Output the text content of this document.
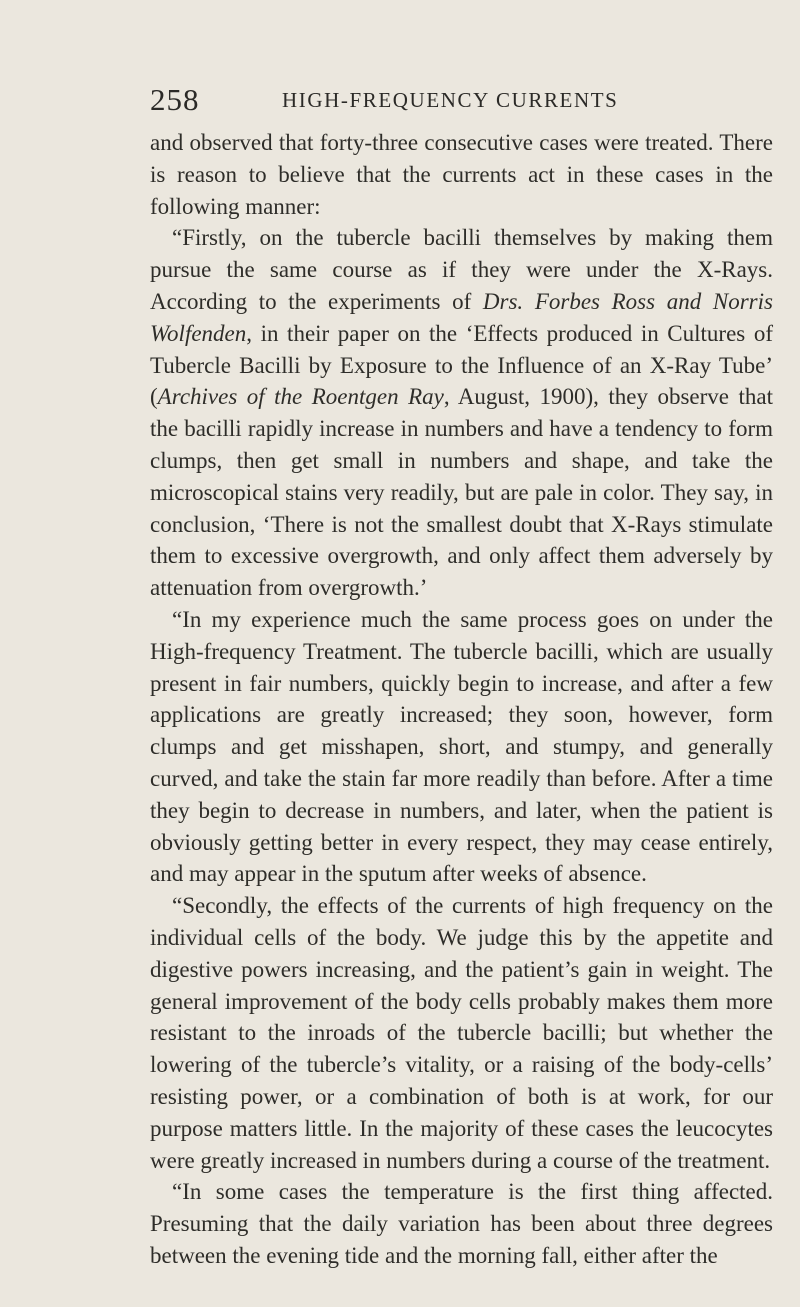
258	HIGH-FREQUENCY CURRENTS

and observed that forty-three consecutive cases were treated. There is reason to believe that the currents act in these cases in the following manner:

“Firstly, on the tubercle bacilli themselves by making them pursue the same course as if they were under the X-Rays. According to the experiments of Drs. Forbes Ross and Norris Wolfenden, in their paper on the ‘Effects produced in Cultures of Tubercle Bacilli by Exposure to the Influence of an X-Ray Tube’ (Archives of the Roentgen Ray, August, 1900), they observe that the bacilli rapidly increase in numbers and have a tendency to form clumps, then get small in numbers and shape, and take the microscopical stains very readily, but are pale in color. They say, in conclusion, ‘There is not the smallest doubt that X-Rays stimulate them to excessive overgrowth, and only affect them adversely by attenuation from overgrowth.’

“In my experience much the same process goes on under the High-frequency Treatment. The tubercle bacilli, which are usually present in fair numbers, quickly begin to increase, and after a few applications are greatly increased; they soon, however, form clumps and get misshapen, short, and stumpy, and generally curved, and take the stain far more readily than before. After a time they begin to decrease in numbers, and later, when the patient is obviously getting better in every respect, they may cease entirely, and may appear in the sputum after weeks of absence.

“Secondly, the effects of the currents of high frequency on the individual cells of the body. We judge this by the appetite and digestive powers increasing, and the patient’s gain in weight. The general improvement of the body cells probably makes them more resistant to the inroads of the tubercle bacilli; but whether the lowering of the tubercle’s vitality, or a raising of the body-cells’ resisting power, or a combination of both is at work, for our purpose matters little. In the majority of these cases the leucocytes were greatly increased in numbers during a course of the treatment.

“In some cases the temperature is the first thing affected. Presuming that the daily variation has been about three degrees between the evening tide and the morning fall, either after the
